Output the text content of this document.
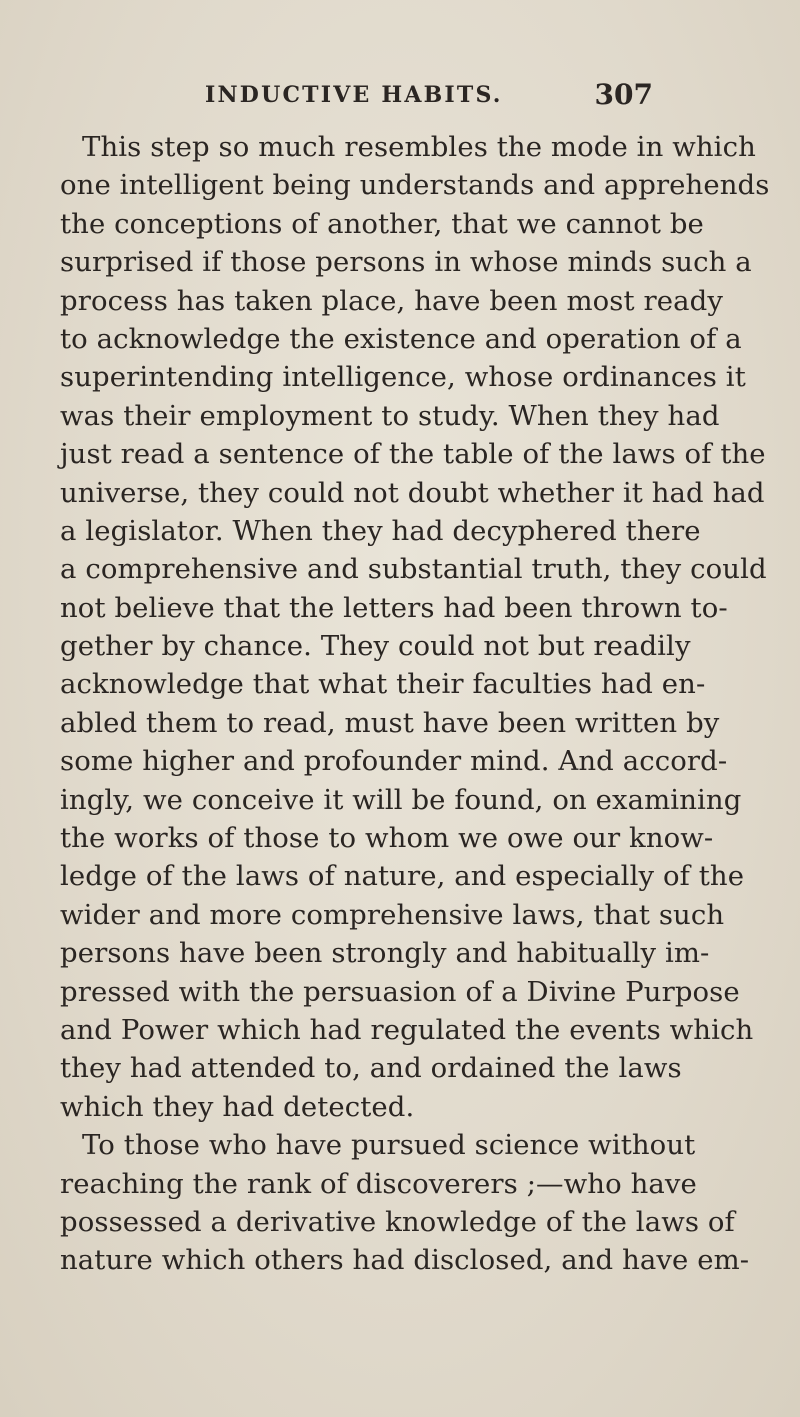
INDUCTIVE HABITS.	307
This step so much resembles the mode in which
one intelligent being understands and apprehends
the conceptions of another, that we cannot be
surprised if those persons in whose minds such a
process has taken place, have been most ready
to acknowledge the existence and operation of a
superintending intelligence, whose ordinances it
was their employment to study. When they had
just read a sentence of the table of the laws of the
universe, they could not doubt whether it had had
a legislator. When they had decyphered there
a comprehensive and substantial truth, they could
not believe that the letters had been thrown to-
gether by chance. They could not but readily
acknowledge that what their faculties had en-
abled them to read, must have been written by
some higher and profounder mind. And accord-
ingly, we conceive it will be found, on examining
the works of those to whom we owe our know-
ledge of the laws of nature, and especially of the
wider and more comprehensive laws, that such
persons have been strongly and habitually im-
pressed with the persuasion of a Divine Purpose
and Power which had regulated the events which
they had attended to, and ordained the laws
which they had detected.
To those who have pursued science without
reaching the rank of discoverers ;—who have
possessed a derivative knowledge of the laws of
nature which others had disclosed, and have em-
